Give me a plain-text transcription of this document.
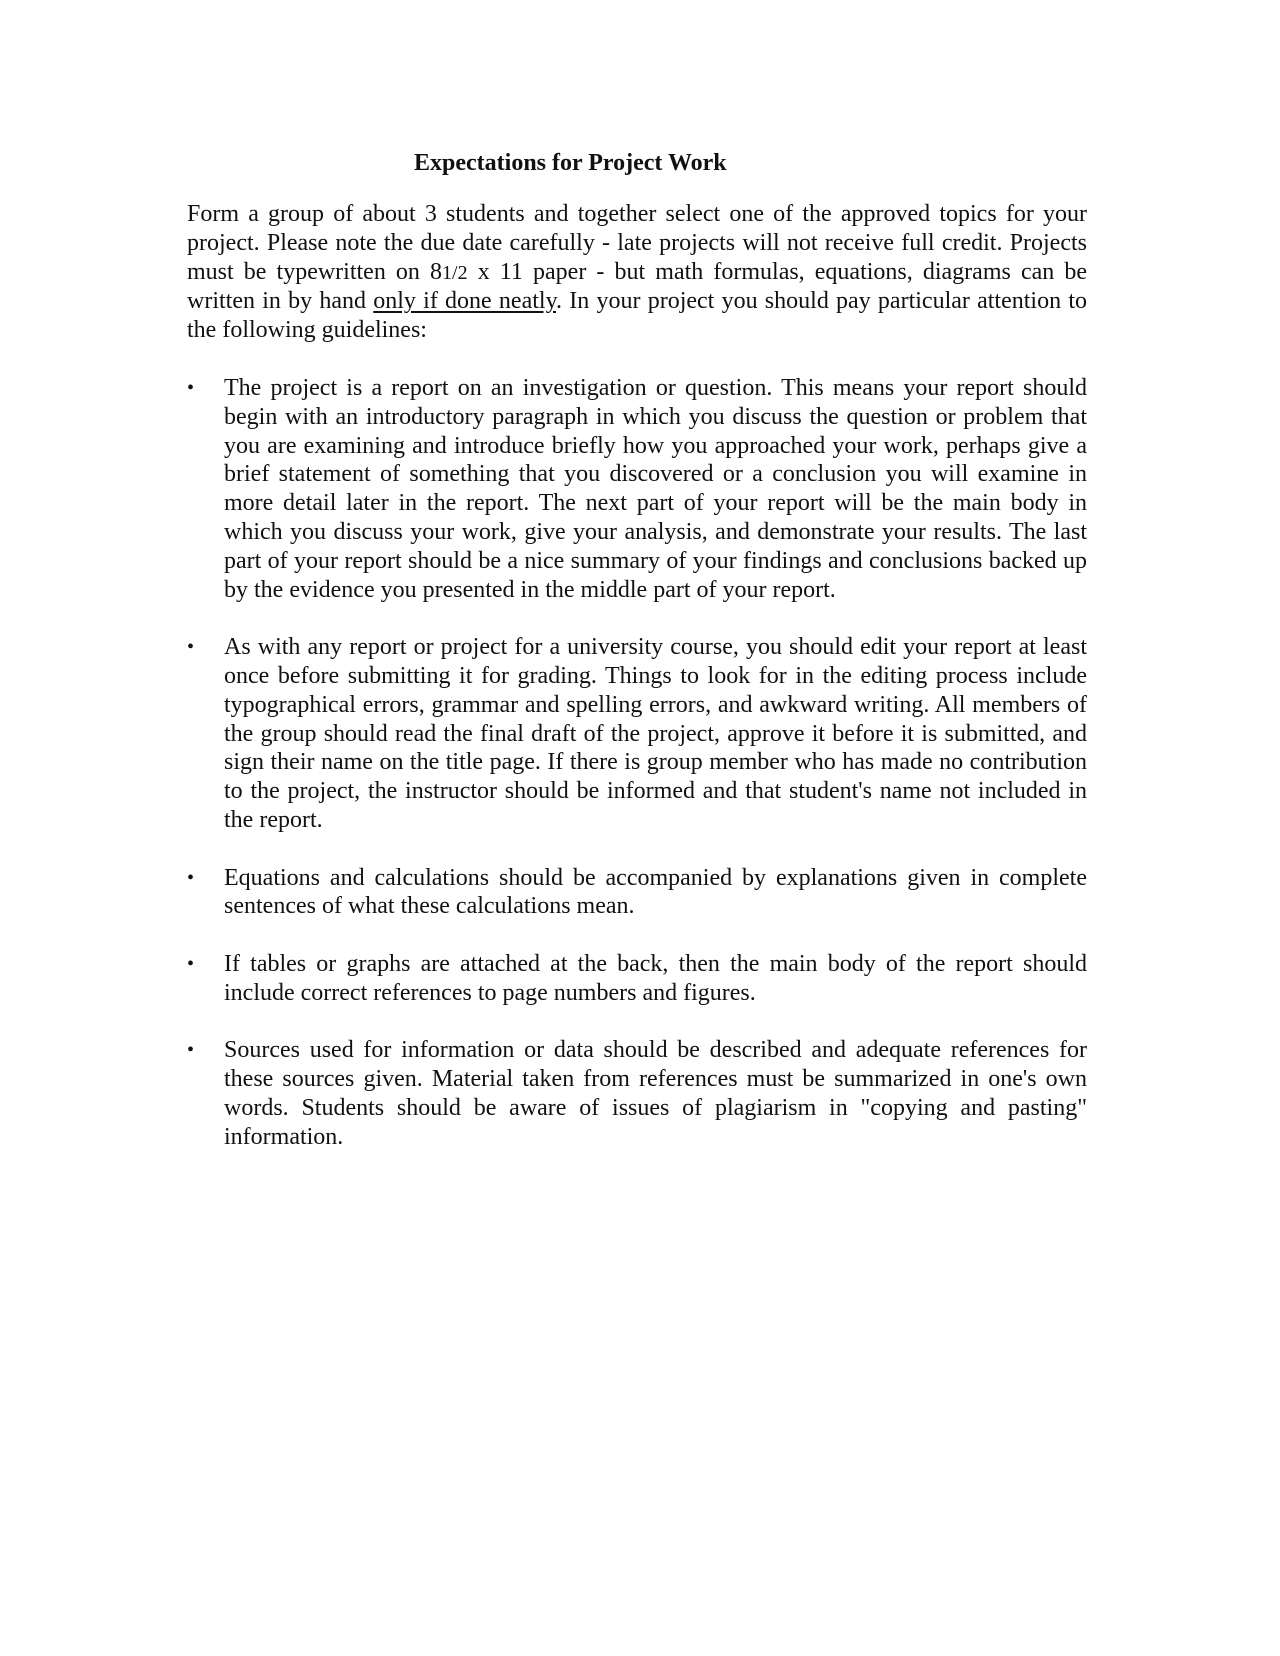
Expectations for Project Work

Form a group of about 3 students and together select one of the approved topics for your project. Please note the due date carefully - late projects will not receive full credit. Projects must be typewritten on 81/2 x 11 paper - but math formulas, equations, diagrams can be written in by hand only if done neatly. In your project you should pay particular attention to the following guidelines:

• The project is a report on an investigation or question. This means your report should begin with an introductory paragraph in which you discuss the question or problem that you are examining and introduce briefly how you approached your work, perhaps give a brief statement of something that you discovered or a conclusion you will examine in more detail later in the report. The next part of your report will be the main body in which you discuss your work, give your analysis, and demonstrate your results. The last part of your report should be a nice summary of your findings and conclusions backed up by the evidence you presented in the middle part of your report.
• As with any report or project for a university course, you should edit your report at least once before submitting it for grading. Things to look for in the editing process include typographical errors, grammar and spelling errors, and awkward writing. All members of the group should read the final draft of the project, approve it before it is submitted, and sign their name on the title page. If there is group member who has made no contribution to the project, the instructor should be informed and that student's name not included in the report.
• Equations and calculations should be accompanied by explanations given in complete sentences of what these calculations mean.
• If tables or graphs are attached at the back, then the main body of the report should include correct references to page numbers and figures.
• Sources used for information or data should be described and adequate references for these sources given. Material taken from references must be summarized in one's own words. Students should be aware of issues of plagiarism in "copying and pasting" information.
